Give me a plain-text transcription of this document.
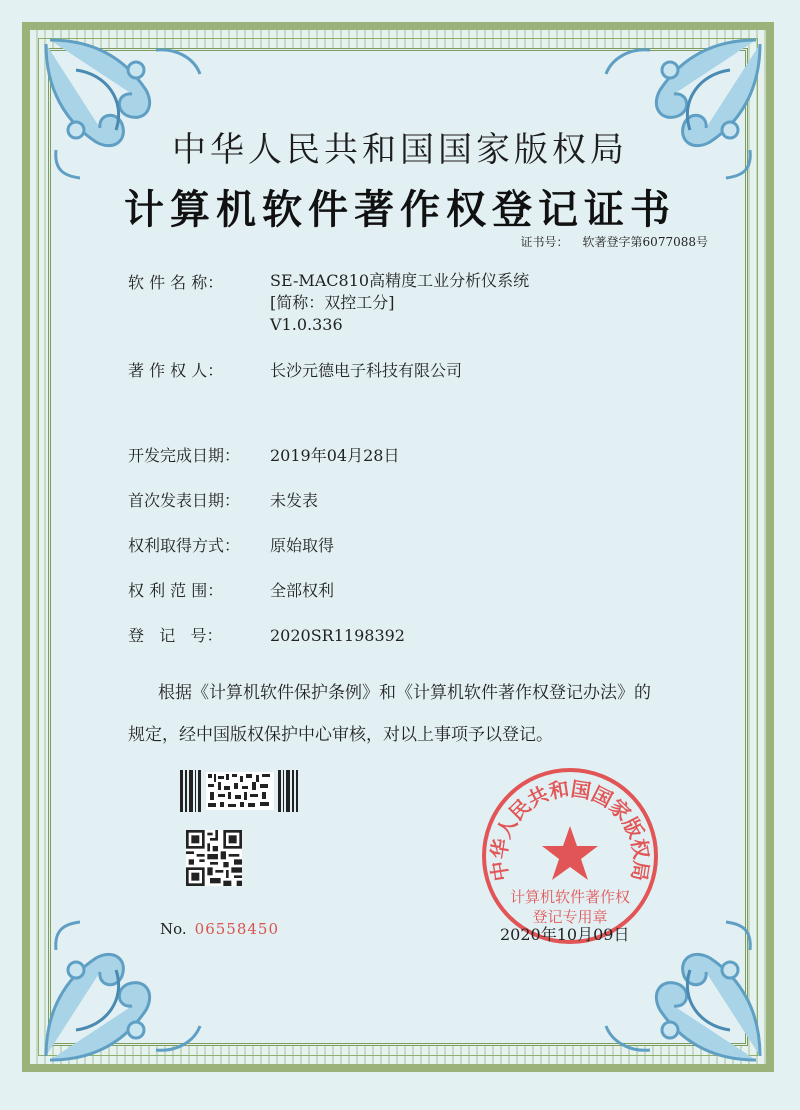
中华人民共和国国家版权局
计算机软件著作权登记证书
证书号： 软著登字第6077088号
软 件 名 称：	SE-MAC810高精度工业分析仪系统
[简称：双控工分]
V1.0.336
著 作 权 人：	长沙元德电子科技有限公司
开发完成日期： 2019年04月28日
首次发表日期： 未发表
权利取得方式： 原始取得
权 利 范 围：	全部权利
登   记   号：	2020SR1198392
根据《计算机软件保护条例》和《计算机软件著作权登记办法》的
规定，经中国版权保护中心审核，对以上事项予以登记。
No. 06558450
中华人民共和国国家版权局
计算机软件著作权
登记专用章
2020年10月09日
